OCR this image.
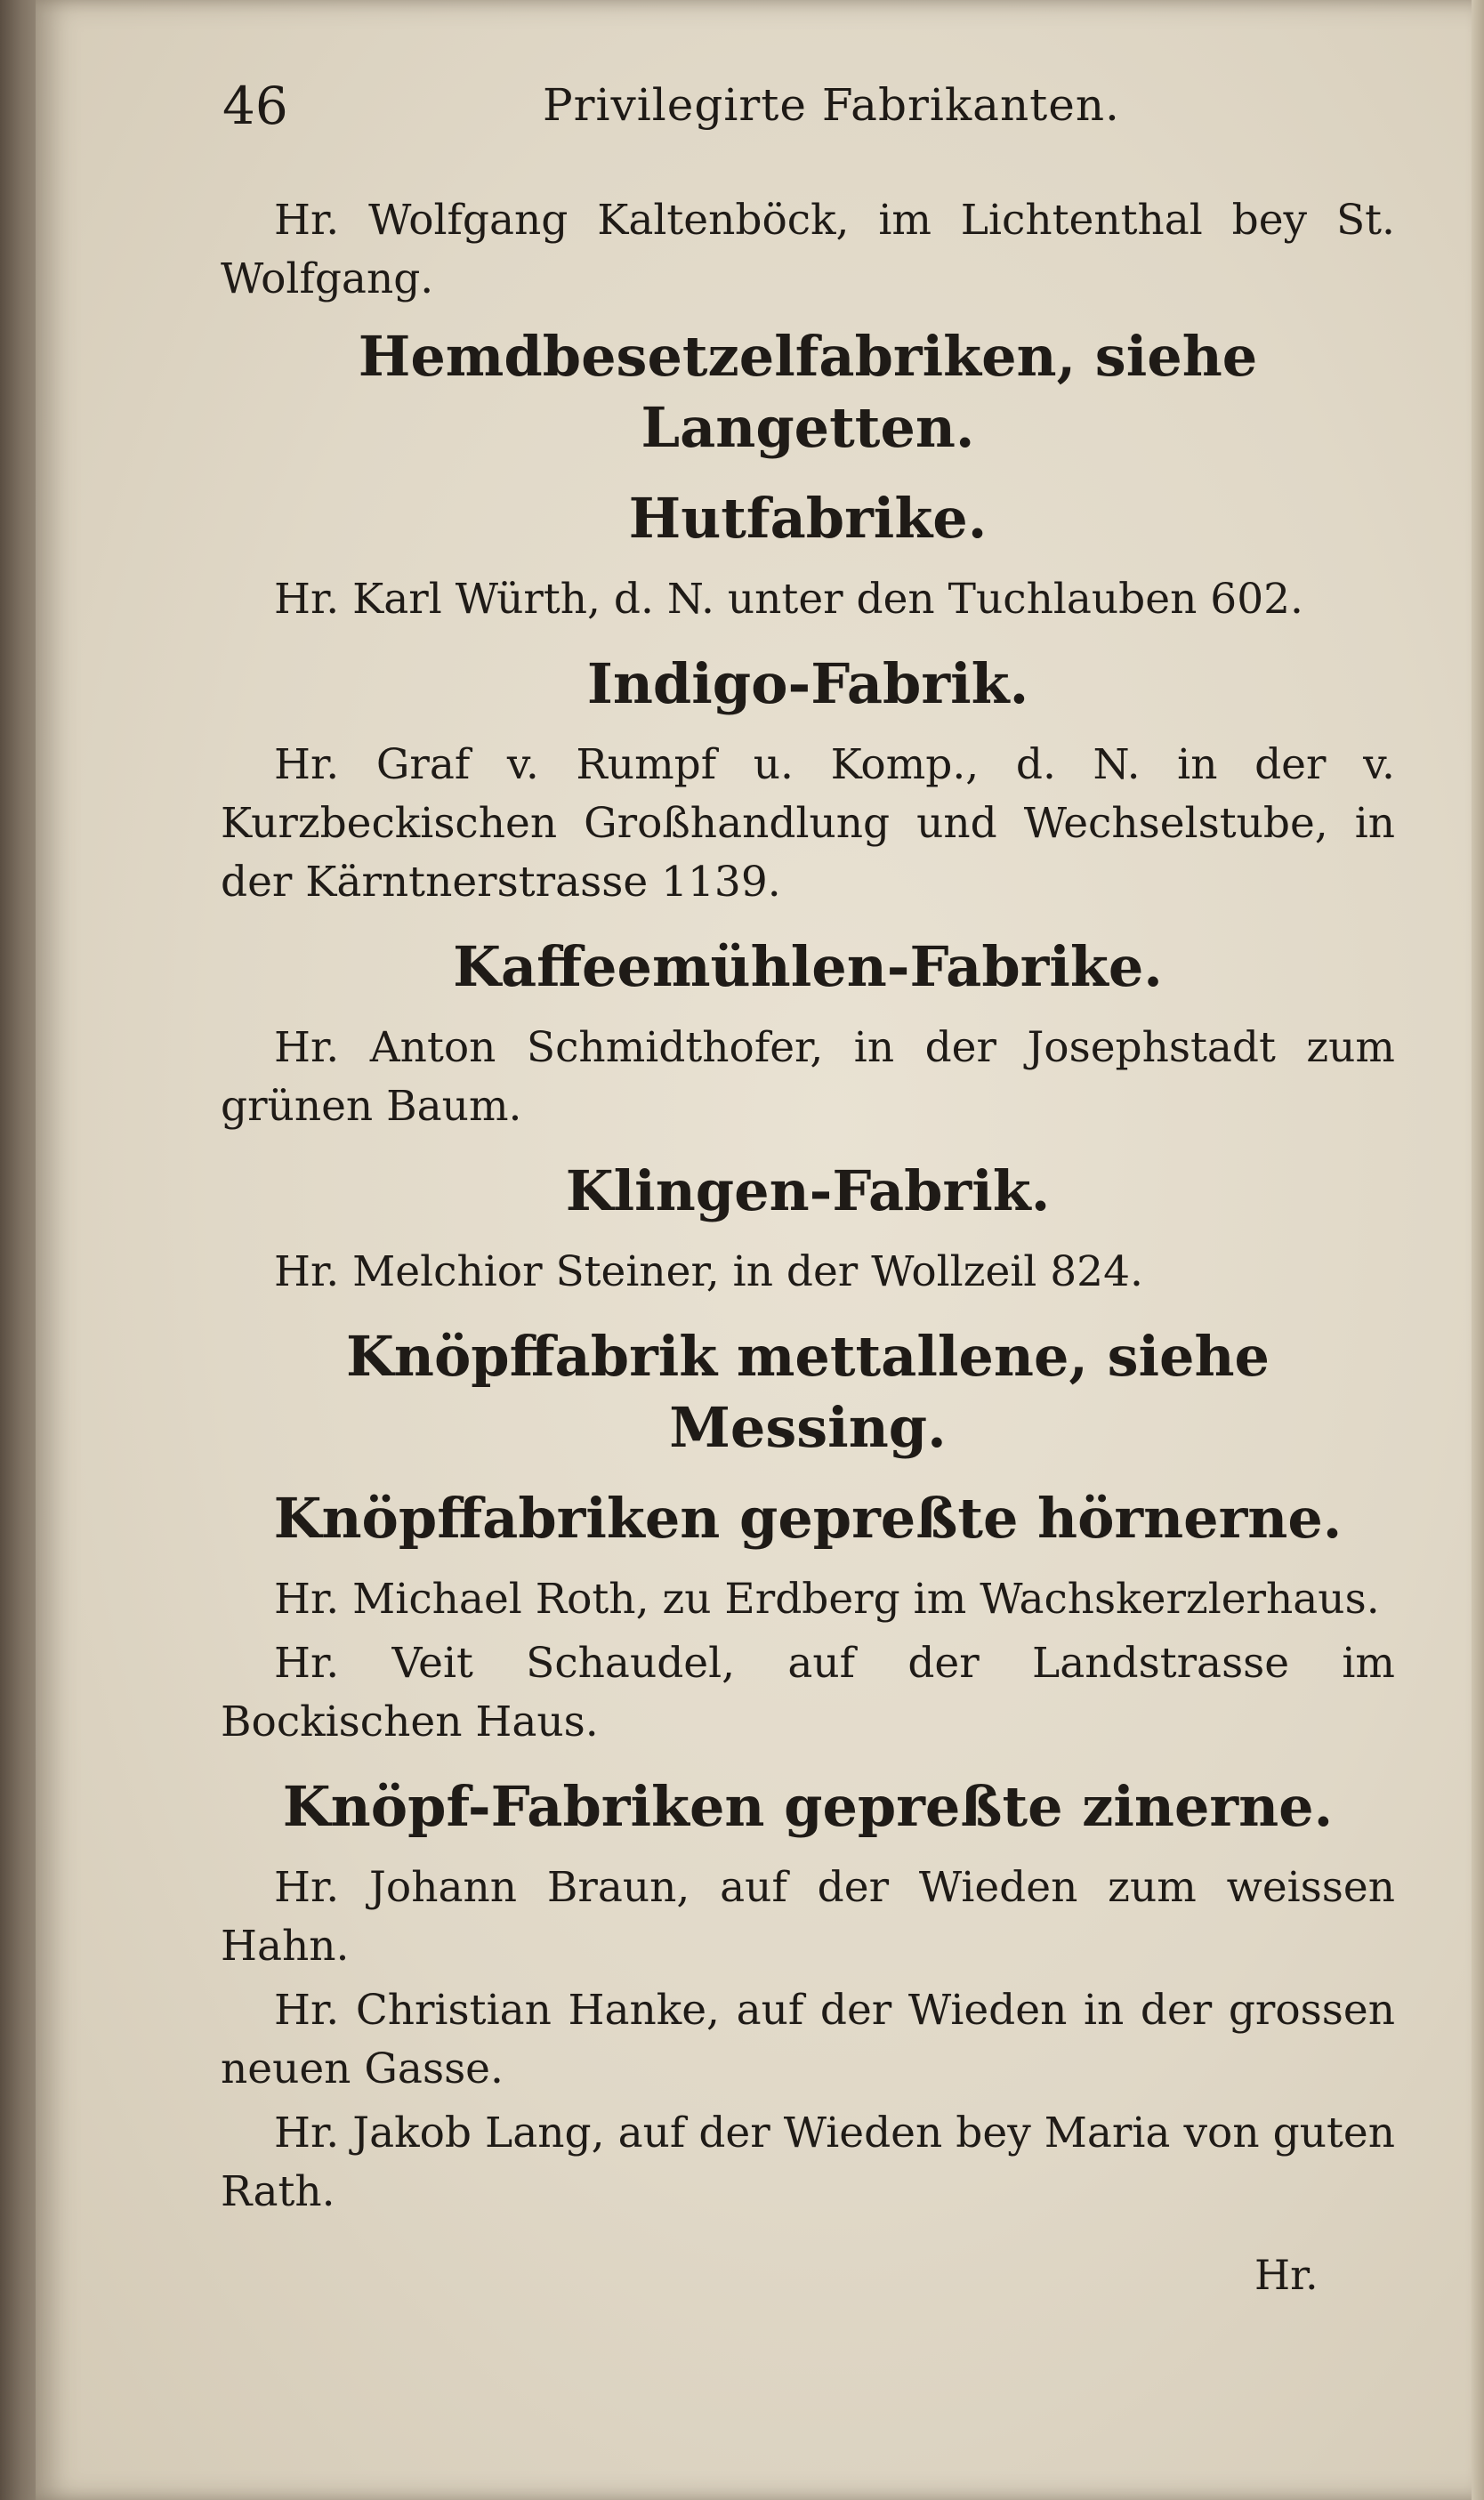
46	Privilegirte Fabrikanten.
Hr. Wolfgang Kaltenböck, im Lichtenthal bey St. Wolfgang.
Hemdbesetzelfabriken, siehe Langetten.
Hutfabrike.
Hr. Karl Würth, d. N. unter den Tuchlauben 602.
Indigo-Fabrik.
Hr. Graf v. Rumpf u. Komp., d. N. in der v. Kurzbeckischen Großhandlung und Wechselstube, in der Kärntnerstrasse 1139.
Kaffeemühlen-Fabrike.
Hr. Anton Schmidthofer, in der Josephstadt zum grünen Baum.
Klingen-Fabrik.
Hr. Melchior Steiner, in der Wollzeil 824.
Knöpffabrik mettallene, siehe Messing.
Knöpffabriken gepreßte hörnerne.
Hr. Michael Roth, zu Erdberg im Wachskerzlerhaus.
Hr. Veit Schaudel, auf der Landstrasse im Bockischen Haus.
Knöpf-Fabriken gepreßte zinerne.
Hr. Johann Braun, auf der Wieden zum weissen Hahn.
Hr. Christian Hanke, auf der Wieden in der grossen neuen Gasse.
Hr. Jakob Lang, auf der Wieden bey Maria von guten Rath.
Hr.
